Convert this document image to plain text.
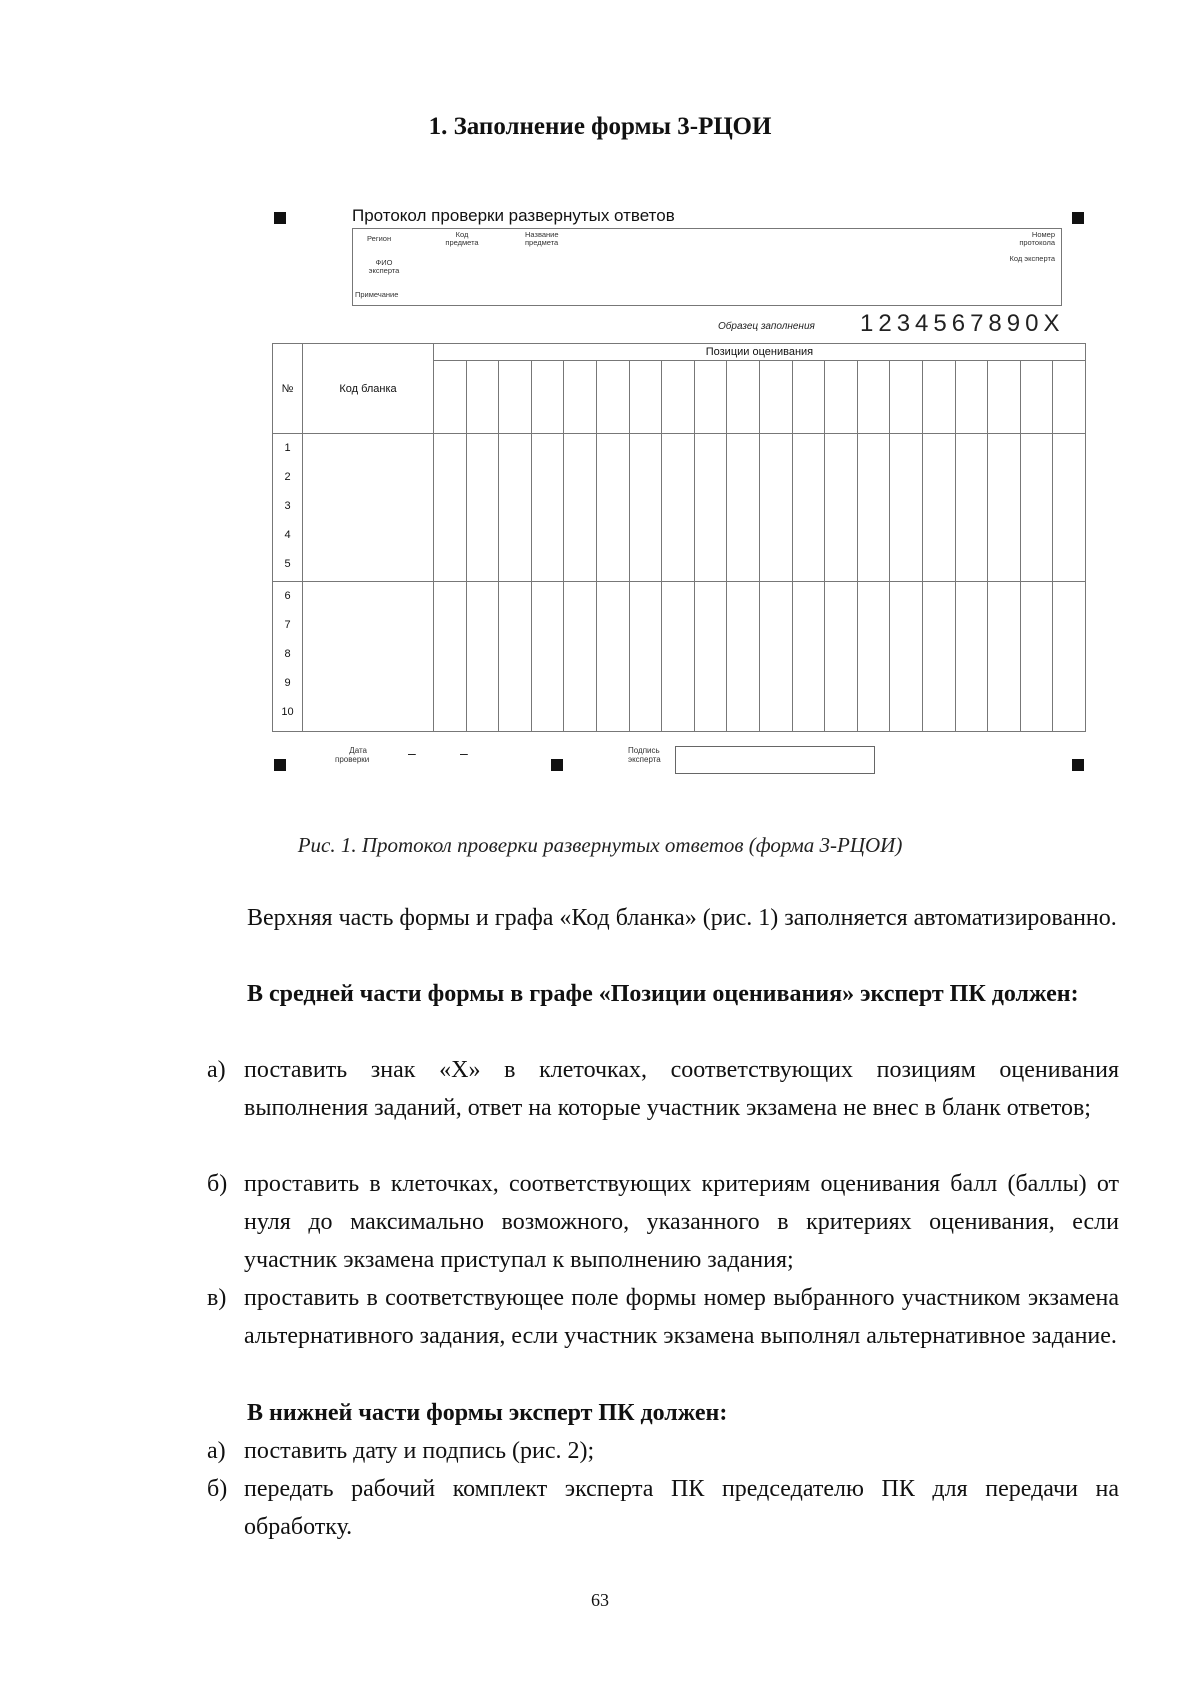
1. Заполнение формы 3-РЦОИ
Протокол проверки развернутых ответов
Регион	Код предмета
Название предмета
Номер протокола
ФИО эксперта
Код эксперта
Примечание
Образец заполнения 1234567890X
№	Код бланка	Позиции оценивания																			

1
2
3
4
5																					

6
7
8
9
10																					

Дата проверки	–	–	Подпись эксперта
Рис. 1. Протокол проверки развернутых ответов (форма 3-РЦОИ)
Верхняя часть формы и графа «Код бланка» (рис. 1) заполняется автоматизированно.
В средней части формы в графе «Позиции оценивания» эксперт ПК должен:
а) поставить знак «X» в клеточках, соответствующих позициям оценивания выполнения заданий, ответ на которые участник экзамена не внес в бланк ответов;
б) проставить в клеточках, соответствующих критериям оценивания балл (баллы) от нуля до максимально возможного, указанного в критериях оценивания, если участник экзамена приступал к выполнению задания;
в) проставить в соответствующее поле формы номер выбранного участником экзамена альтернативного задания, если участник экзамена выполнял альтернативное задание.
В нижней части формы эксперт ПК должен:
а) поставить дату и подпись (рис. 2);
б) передать рабочий комплект эксперта ПК председателю ПК для передачи на обработку.
63
